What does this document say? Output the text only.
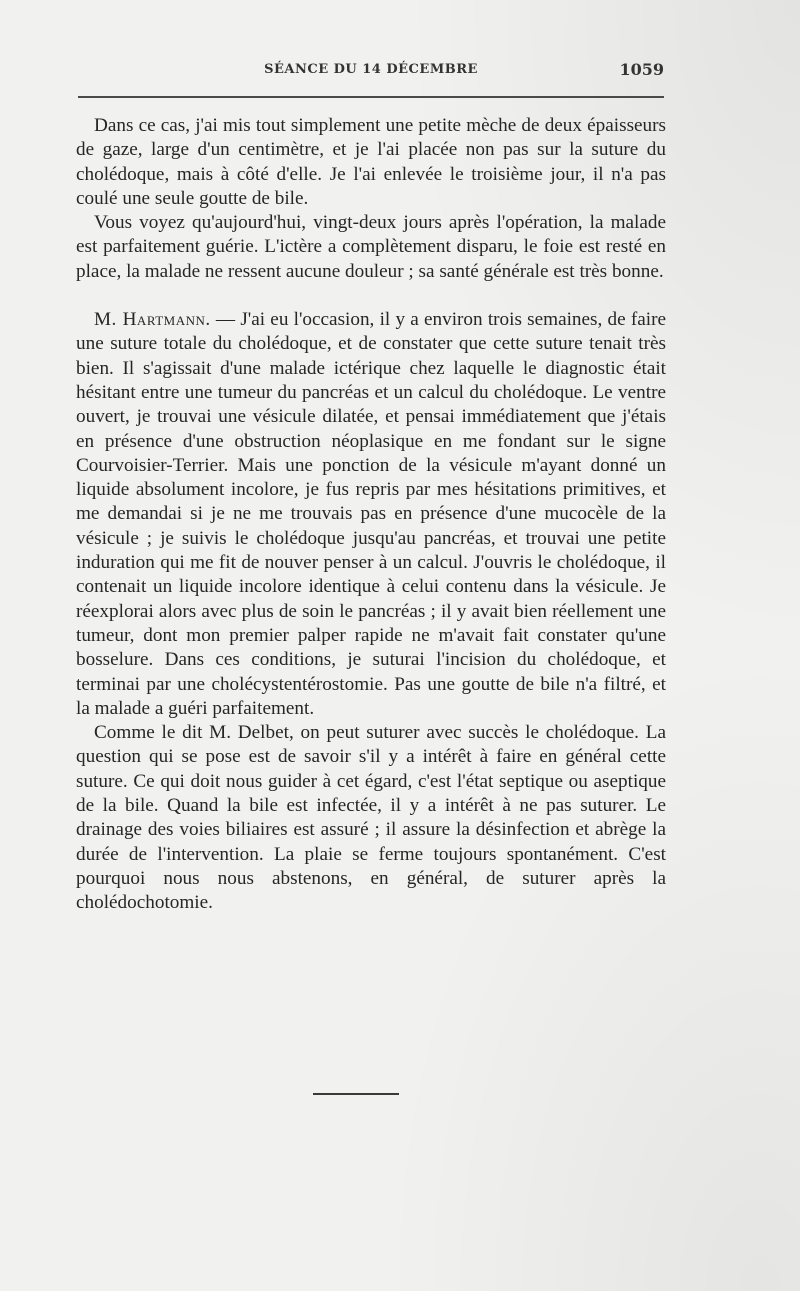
SÉANCE DU 14 DÉCEMBRE	1059

Dans ce cas, j'ai mis tout simplement une petite mèche de deux épaisseurs de gaze, large d'un centimètre, et je l'ai placée non pas sur la suture du cholédoque, mais à côté d'elle. Je l'ai enlevée le troisième jour, il n'a pas coulé une seule goutte de bile.

Vous voyez qu'aujourd'hui, vingt-deux jours après l'opération, la malade est parfaitement guérie. L'ictère a complètement disparu, le foie est resté en place, la malade ne ressent aucune douleur ; sa santé générale est très bonne.

M. Hartmann. — J'ai eu l'occasion, il y a environ trois semaines, de faire une suture totale du cholédoque, et de constater que cette suture tenait très bien. Il s'agissait d'une malade ictérique chez laquelle le diagnostic était hésitant entre une tumeur du pancréas et un calcul du cholédoque. Le ventre ouvert, je trouvai une vésicule dilatée, et pensai immédiatement que j'étais en présence d'une obstruction néoplasique en me fondant sur le signe Courvoisier-Terrier. Mais une ponction de la vésicule m'ayant donné un liquide absolument incolore, je fus repris par mes hésitations primitives, et me demandai si je ne me trouvais pas en présence d'une mucocèle de la vésicule ; je suivis le cholédoque jusqu'au pancréas, et trouvai une petite induration qui me fit de nouver penser à un calcul. J'ouvris le cholédoque, il contenait un liquide incolore identique à celui contenu dans la vésicule. Je réexplorai alors avec plus de soin le pancréas ; il y avait bien réellement une tumeur, dont mon premier palper rapide ne m'avait fait constater qu'une bosselure. Dans ces conditions, je suturai l'incision du cholédoque, et terminai par une cholécystentérostomie. Pas une goutte de bile n'a filtré, et la malade a guéri parfaitement.

Comme le dit M. Delbet, on peut suturer avec succès le cholédoque. La question qui se pose est de savoir s'il y a intérêt à faire en général cette suture. Ce qui doit nous guider à cet égard, c'est l'état septique ou aseptique de la bile. Quand la bile est infectée, il y a intérêt à ne pas suturer. Le drainage des voies biliaires est assuré ; il assure la désinfection et abrège la durée de l'intervention. La plaie se ferme toujours spontanément. C'est pourquoi nous nous abstenons, en général, de suturer après la cholédochotomie.
